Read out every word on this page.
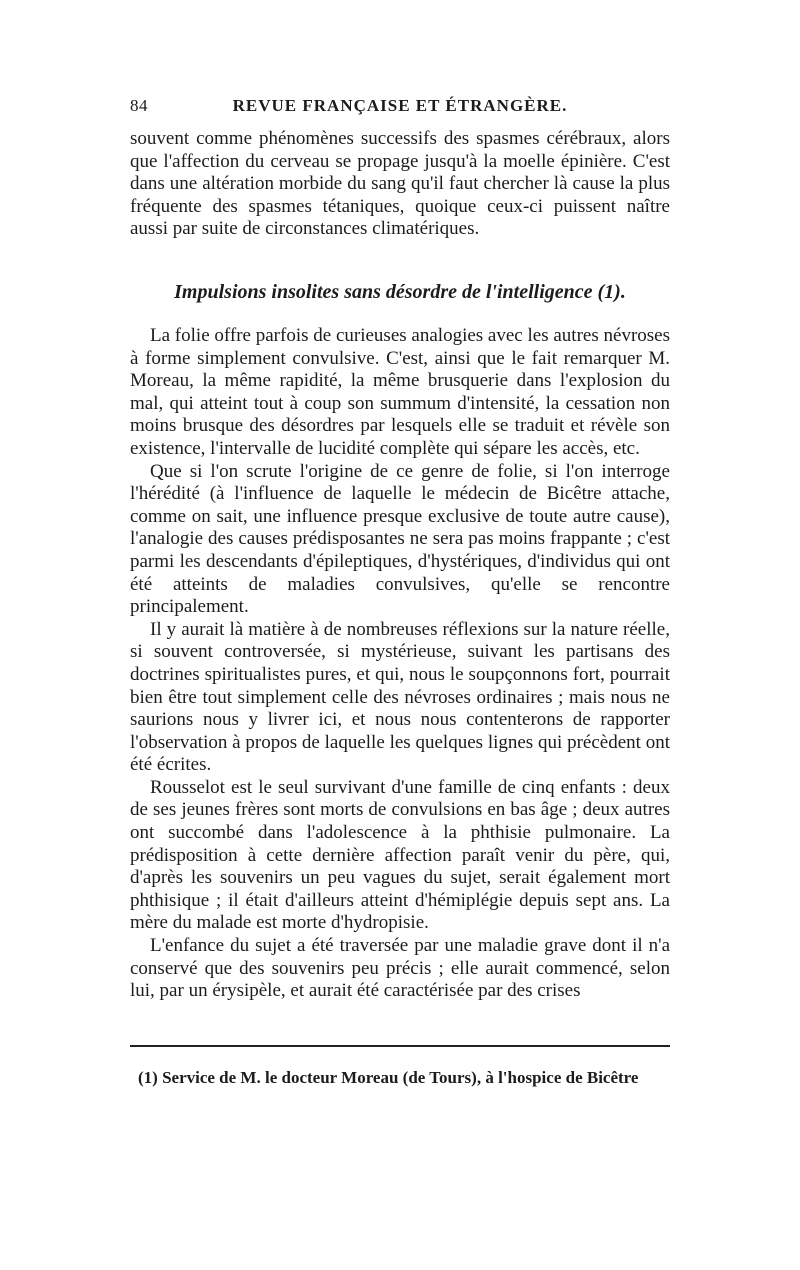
84	REVUE FRANÇAISE ET ÉTRANGÈRE.

souvent comme phénomènes successifs des spasmes cérébraux, alors que l'affection du cerveau se propage jusqu'à la moelle épinière. C'est dans une altération morbide du sang qu'il faut chercher là cause la plus fréquente des spasmes tétaniques, quoique ceux-ci puissent naître aussi par suite de circonstances climatériques.

Impulsions insolites sans désordre de l'intelligence (1).

La folie offre parfois de curieuses analogies avec les autres névroses à forme simplement convulsive. C'est, ainsi que le fait remarquer M. Moreau, la même rapidité, la même brusquerie dans l'explosion du mal, qui atteint tout à coup son summum d'intensité, la cessation non moins brusque des désordres par lesquels elle se traduit et révèle son existence, l'intervalle de lucidité complète qui sépare les accès, etc.

Que si l'on scrute l'origine de ce genre de folie, si l'on interroge l'hérédité (à l'influence de laquelle le médecin de Bicêtre attache, comme on sait, une influence presque exclusive de toute autre cause), l'analogie des causes prédisposantes ne sera pas moins frappante ; c'est parmi les descendants d'épileptiques, d'hystériques, d'individus qui ont été atteints de maladies convulsives, qu'elle se rencontre principalement.

Il y aurait là matière à de nombreuses réflexions sur la nature réelle, si souvent controversée, si mystérieuse, suivant les partisans des doctrines spiritualistes pures, et qui, nous le soupçonnons fort, pourrait bien être tout simplement celle des névroses ordinaires ; mais nous ne saurions nous y livrer ici, et nous nous contenterons de rapporter l'observation à propos de laquelle les quelques lignes qui précèdent ont été écrites.

Rousselot est le seul survivant d'une famille de cinq enfants : deux de ses jeunes frères sont morts de convulsions en bas âge ; deux autres ont succombé dans l'adolescence à la phthisie pulmonaire. La prédisposition à cette dernière affection paraît venir du père, qui, d'après les souvenirs un peu vagues du sujet, serait également mort phthisique ; il était d'ailleurs atteint d'hémiplégie depuis sept ans. La mère du malade est morte d'hydropisie.

L'enfance du sujet a été traversée par une maladie grave dont il n'a conservé que des souvenirs peu précis ; elle aurait commencé, selon lui, par un érysipèle, et aurait été caractérisée par des crises

(1) Service de M. le docteur Moreau (de Tours), à l'hospice de Bicêtre
